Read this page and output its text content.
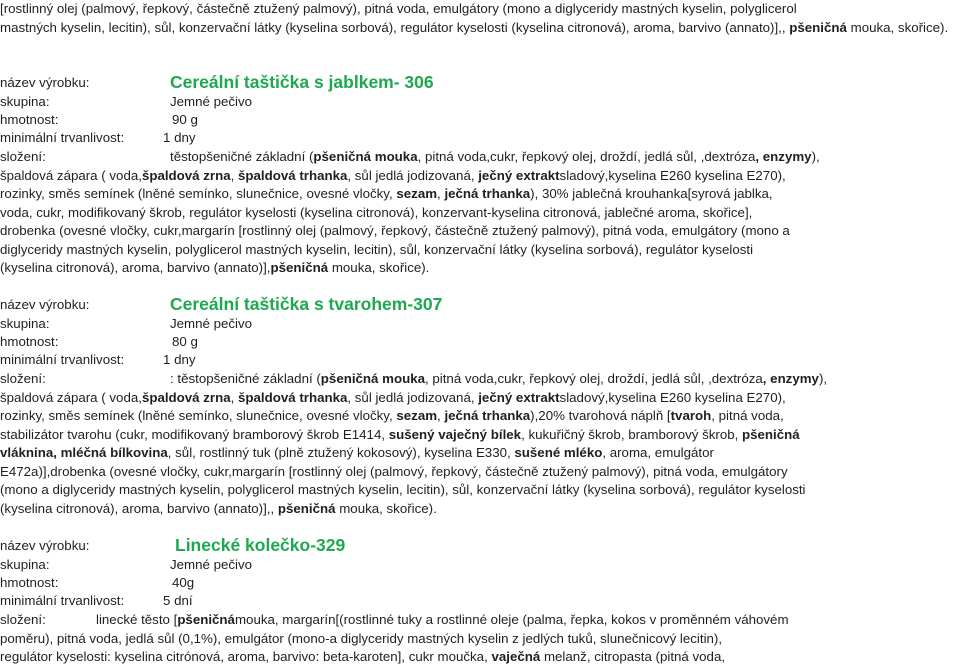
[rostlinný olej (palmový, řepkový, částečně ztužený palmový), pitná voda, emulgátory (mono a diglyceridy mastných kyselin, polyglicerol
mastných kyselin, lecitin), sůl, konzervační látky (kyselina sorbová), regulátor kyselosti (kyselina citronová), aroma, barvivo (annato)],, pšeničná mouka, skořice).
název výrobku:	Cereální taštička s jablkem- 306
skupina:	Jemné pečivo
hmotnost:	90 g
minimální trvanlivost:	1 dny
složení:	těstopšeničné základní (pšeničná mouka, pitná voda,cukr, řepkový olej, droždí, jedlá sůl, ,dextróza, enzymy),
špaldová zápara ( voda,špaldová zrna, špaldová trhanka, sůl jedlá jodizovaná, ječný extraktsladový,kyselina E260 kyselina E270),
rozinky, směs semínek (lněné semínko, slunečnice, ovesné vločky, sezam, ječná trhanka), 30% jablečná krouhanka[syrová jablka,
voda, cukr, modifikovaný škrob, regulátor kyselosti (kyselina citronová), konzervant-kyselina citronová, jablečné aroma, skořice],
drobenka (ovesné vločky, cukr,margarín [rostlinný olej (palmový, řepkový, částečně ztužený palmový), pitná voda, emulgátory (mono a
diglyceridy mastných kyselin, polyglicerol mastných kyselin, lecitin), sůl, konzervační látky (kyselina sorbová), regulátor kyselosti
(kyselina citronová), aroma, barvivo (annato)],pšeničná mouka, skořice).
název výrobku:	Cereální taštička s tvarohem-307
skupina:	Jemné pečivo
hmotnost:	80 g
minimální trvanlivost:	1 dny
složení:	: těstopšeničné základní (pšeničná mouka, pitná voda,cukr, řepkový olej, droždí, jedlá sůl, ,dextróza, enzymy),
špaldová zápara ( voda,špaldová zrna, špaldová trhanka, sůl jedlá jodizovaná, ječný extraktsladový,kyselina E260 kyselina E270),
rozinky, směs semínek (lněné semínko, slunečnice, ovesné vločky, sezam, ječná trhanka),20% tvarohová náplň [tvaroh, pitná voda,
stabilizátor tvarohu (cukr, modifikovaný bramborový škrob E1414, sušený vaječný bílek, kukuřičný škrob, bramborový škrob, pšeničná
vláknina, mléčná bílkovina, sůl, rostlinný tuk (plně ztužený kokosový), kyselina E330, sušené mléko, aroma, emulgátor
E472a)],drobenka (ovesné vločky, cukr,margarín [rostlinný olej (palmový, řepkový, částečně ztužený palmový), pitná voda, emulgátory
(mono a diglyceridy mastných kyselin, polyglicerol mastných kyselin, lecitin), sůl, konzervační látky (kyselina sorbová), regulátor kyselosti
(kyselina citronová), aroma, barvivo (annato)],, pšeničná mouka, skořice).
název výrobku:	Linecké kolečko-329
skupina:	Jemné pečivo
hmotnost:	40g
minimální trvanlivost:	5 dní
složení:	linecké těsto [pšeničnámouka, margarín[(rostlinné tuky a rostlinné oleje (palma, řepka, kokos v proměnném váhovém
poměru), pitná voda, jedlá sůl (0,1%), emulgátor (mono-a diglyceridy mastných kyselin z jedlých tuků, slunečnicový lecitin),
regulátor kyselosti: kyselina citrónová, aroma, barvivo: beta-karoten], cukr moučka, vaječná melanž, citropasta (pitná voda,
